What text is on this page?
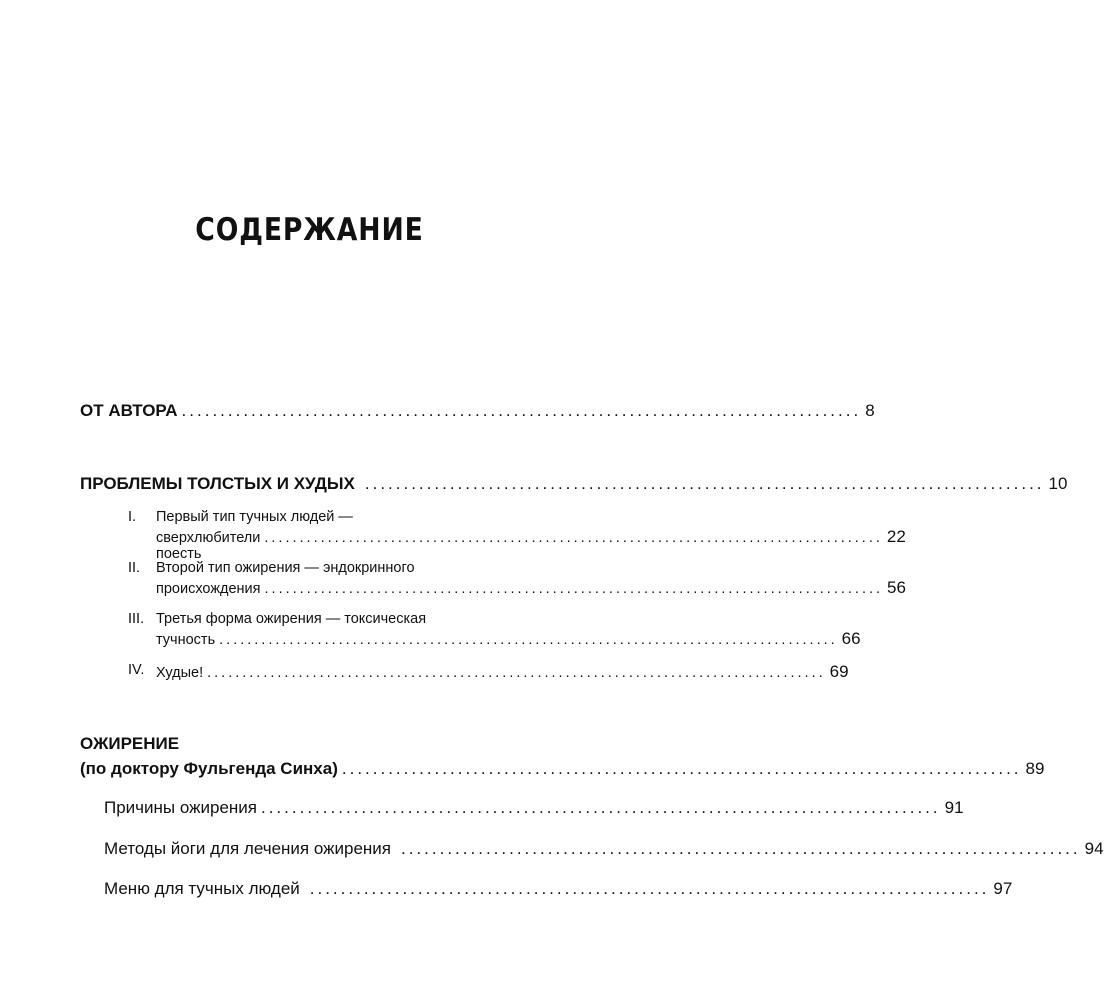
СОДЕРЖАНИЕ
ОТ АВТОРА ........................................................................................ 8
ПРОБЛЕМЫ ТОЛСТЫХ И ХУДЫХ ........................................................................................ 10
I.	Первый тип тучных людей —
сверхлюбители поесть
........................................................................................ 22
II.	Второй тип ожирения — эндокринного
происхождения ........................................................................................ 56
III. Третья форма ожирения — токсическая
тучность ........................................................................................ 66
IV. Худые! ........................................................................................ 69
ОЖИРЕНИЕ
(по доктору Фульгенда Синха) ........................................................................................ 89
Причины ожирения ........................................................................................ 91
Методы йоги для лечения ожирения ........................................................................................ 94
Меню для тучных людей ........................................................................................ 97
